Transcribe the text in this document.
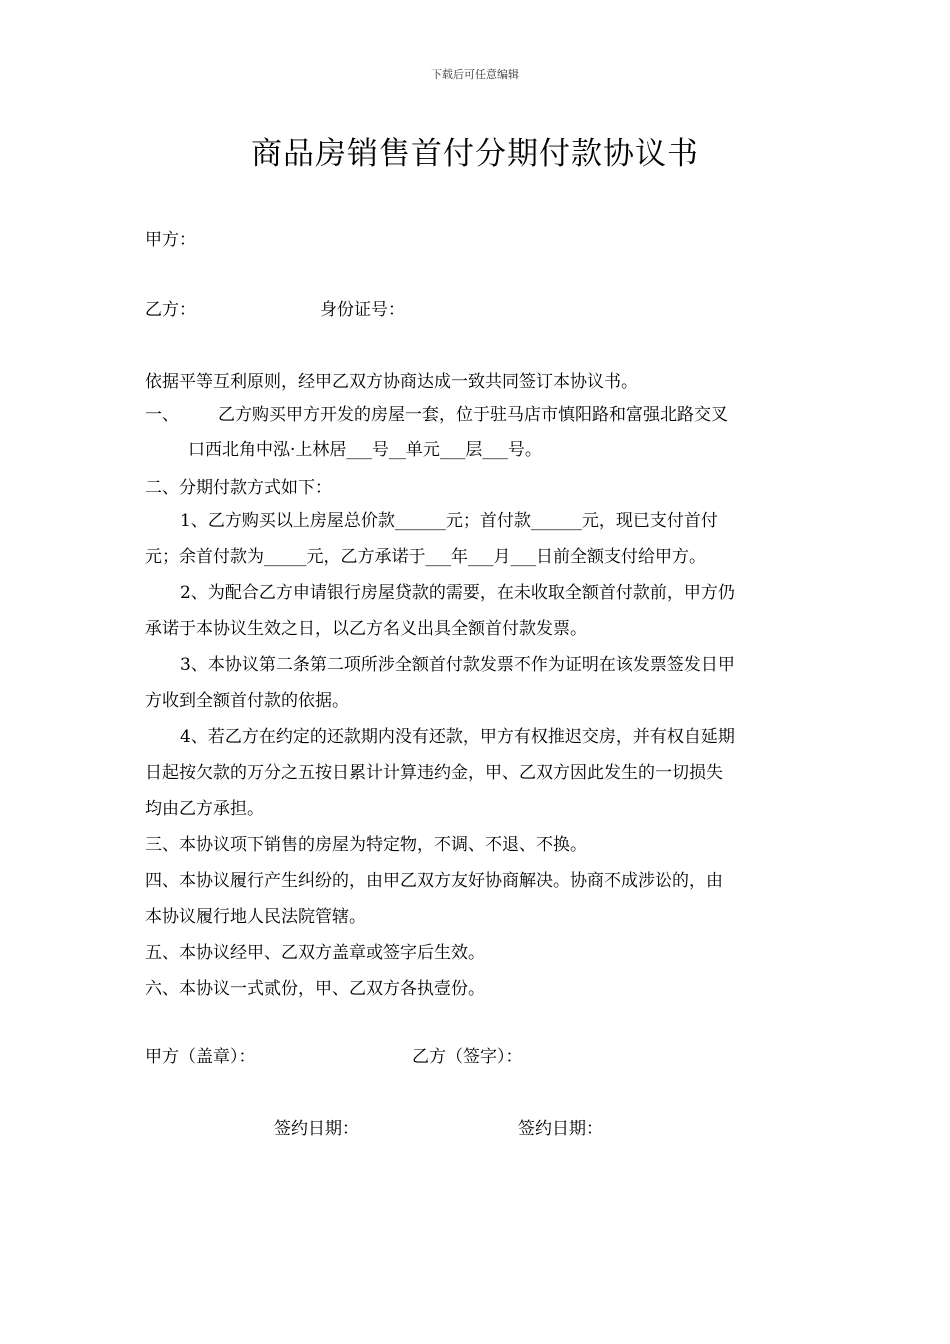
下载后可任意编辑
商品房销售首付分期付款协议书
甲方：
乙方：	身份证号：
依据平等互利原则，经甲乙双方协商达成一致共同签订本协议书。
一、 乙方购买甲方开发的房屋一套，位于驻马店市慎阳路和富强北路交叉
口西北角中泓·上林居___号__单元___层___号。
二、分期付款方式如下：
1、乙方购买以上房屋总价款______元；首付款______元，现已支付首付
元；余首付款为_____元，乙方承诺于___年___月___日前全额支付给甲方。
2、为配合乙方申请银行房屋贷款的需要，在未收取全额首付款前，甲方仍
承诺于本协议生效之日，以乙方名义出具全额首付款发票。
3、本协议第二条第二项所涉全额首付款发票不作为证明在该发票签发日甲
方收到全额首付款的依据。
4、若乙方在约定的还款期内没有还款，甲方有权推迟交房，并有权自延期
日起按欠款的万分之五按日累计计算违约金，甲、乙双方因此发生的一切损失
均由乙方承担。
三、本协议项下销售的房屋为特定物，不调、不退、不换。
四、本协议履行产生纠纷的，由甲乙双方友好协商解决。协商不成涉讼的，由
本协议履行地人民法院管辖。
五、本协议经甲、乙双方盖章或签字后生效。
六、本协议一式贰份，甲、乙双方各执壹份。
甲方（盖章）：	乙方（签字）：
签约日期：	签约日期：
